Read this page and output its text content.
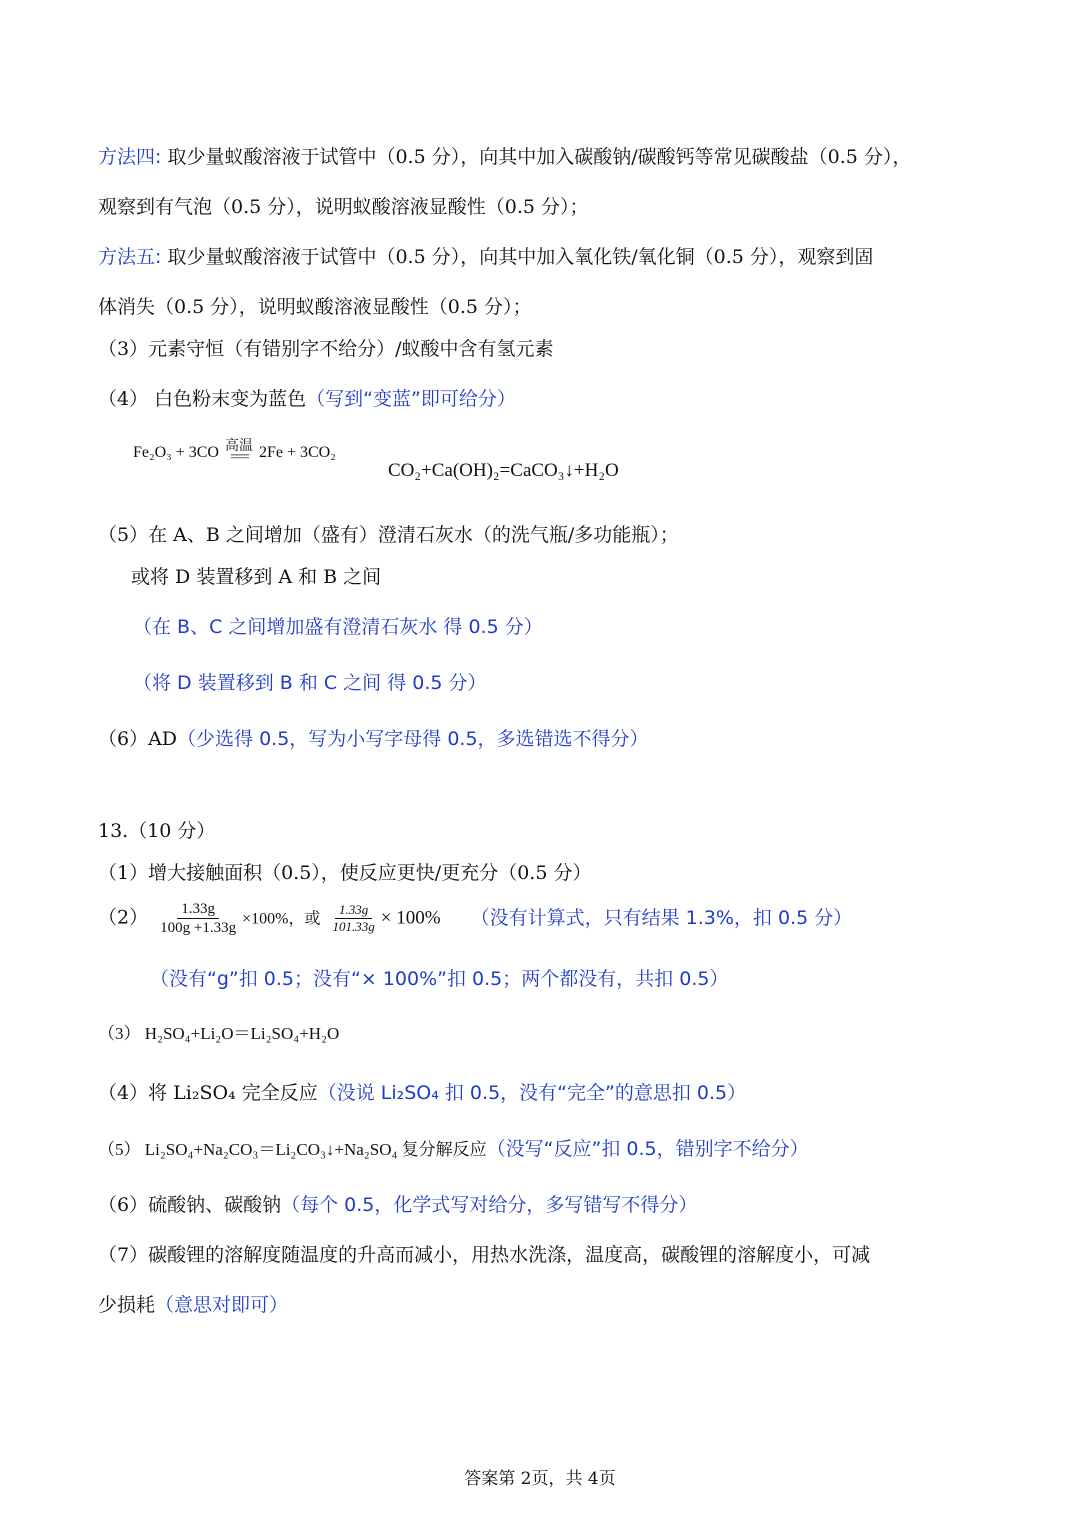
方法四: 取少量蚁酸溶液于试管中（0.5 分），向其中加入碳酸钠/碳酸钙等常见碳酸盐（0.5 分），
观察到有气泡（0.5 分），说明蚁酸溶液显酸性（0.5 分）；
方法五: 取少量蚁酸溶液于试管中（0.5 分），向其中加入氧化铁/氧化铜（0.5 分），观察到固
体消失（0.5 分），说明蚁酸溶液显酸性（0.5 分）；
（3）元素守恒（有错别字不给分）/蚁酸中含有氢元素
（4） 白色粉末变为蓝色（写到“变蓝”即可给分）
Fe₂O₃ + 3CO 高温
=== 2Fe + 3CO₂
CO₂+Ca(OH)₂=CaCO₃↓+H₂O
（5）在 A、B 之间增加（盛有）澄清石灰水（的洗气瓶/多功能瓶）；
或将 D 装置移到 A 和 B 之间
（在 B、C 之间增加盛有澄清石灰水 得 0.5 分）
（将 D 装置移到 B 和 C 之间 得 0.5 分）
（6）AD（少选得 0.5，写为小写字母得 0.5，多选错选不得分）
13.（10 分）
（1）增大接触面积（0.5），使反应更快/更充分（0.5 分）
$(2) \frac{1.33g}{100g +1.33g} \times 100\%$，或 $\frac{1.33g}{101.33g} \times 100\%$ （没有计算式，只有结果 1.3%，扣 0.5 分）
（没有“g”扣 0.5；没有“× 100%”扣 0.5；两个都没有，共扣 0.5）
（3） H₂SO₄+Li₂O＝Li₂SO₄+H₂O
（4）将 Li₂SO₄ 完全反应（没说 Li₂SO₄ 扣 0.5，没有“完全”的意思扣 0.5）
（5） Li₂SO₄+Na₂CO₃＝Li₂CO₃↓+Na₂SO₄ 复分解反应（没写“反应”扣 0.5，错别字不给分）
（6）硫酸钠、碳酸钠（每个 0.5，化学式写对给分，多写错写不得分）
（7）碳酸锂的溶解度随温度的升高而减小，用热水洗涤，温度高，碳酸锂的溶解度小，可减
少损耗（意思对即可）
答案第 2页，共 4页
